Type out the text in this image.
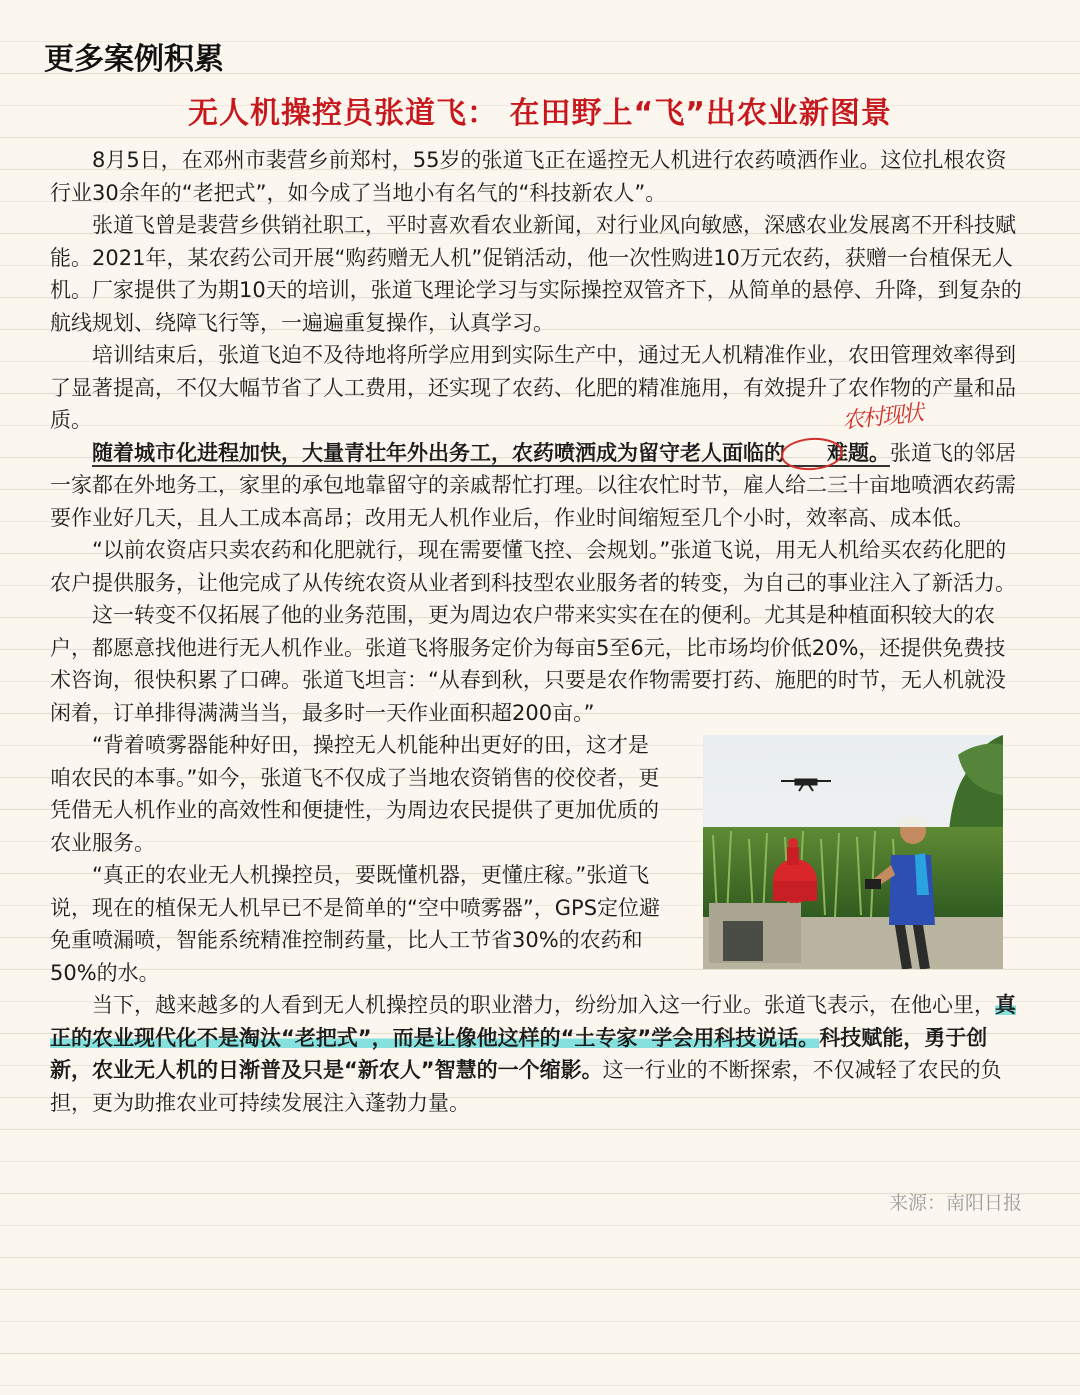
更多案例积累
无人机操控员张道飞： 在田野上“飞”出农业新图景
农村现状

8月5日，在邓州市裴营乡前郑村，55岁的张道飞正在遥控无人机进行农药喷洒作业。这位扎根农资行业30余年的“老把式”，如今成了当地小有名气的“科技新农人”。

张道飞曾是裴营乡供销社职工，平时喜欢看农业新闻，对行业风向敏感，深感农业发展离不开科技赋能。2021年，某农药公司开展“购药赠无人机”促销活动，他一次性购进10万元农药，获赠一台植保无人机。厂家提供了为期10天的培训，张道飞理论学习与实际操控双管齐下，从简单的悬停、升降，到复杂的航线规划、绕障飞行等，一遍遍重复操作，认真学习。

培训结束后，张道飞迫不及待地将所学应用到实际生产中，通过无人机精准作业，农田管理效率得到了显著提高，不仅大幅节省了人工费用，还实现了农药、化肥的精准施用，有效提升了农作物的产量和品质。

随着城市化进程加快，大量青壮年外出务工，农药喷洒成为留守老人面临的 难题。张道飞的邻居一家都在外地务工，家里的承包地靠留守的亲戚帮忙打理。以往农忙时节，雇人给二三十亩地喷洒农药需要作业好几天，且人工成本高昂；改用无人机作业后，作业时间缩短至几个小时，效率高、成本低。

“以前农资店只卖农药和化肥就行，现在需要懂飞控、会规划。”张道飞说，用无人机给买农药化肥的农户提供服务，让他完成了从传统农资从业者到科技型农业服务者的转变，为自己的事业注入了新活力。

这一转变不仅拓展了他的业务范围，更为周边农户带来实实在在的便利。尤其是种植面积较大的农户，都愿意找他进行无人机作业。张道飞将服务定价为每亩5至6元，比市场均价低20%，还提供免费技术咨询，很快积累了口碑。张道飞坦言：“从春到秋，只要是农作物需要打药、施肥的时节，无人机就没闲着，订单排得满满当当，最多时一天作业面积超200亩。”

“背着喷雾器能种好田，操控无人机能种出更好的田，这才是咱农民的本事。”如今，张道飞不仅成了当地农资销售的佼佼者，更凭借无人机作业的高效性和便捷性，为周边农民提供了更加优质的农业服务。

“真正的农业无人机操控员，要既懂机器，更懂庄稼。”张道飞说，现在的植保无人机早已不是简单的“空中喷雾器”，GPS定位避免重喷漏喷，智能系统精准控制药量，比人工节省30%的农药和50%的水。

当下，越来越多的人看到无人机操控员的职业潜力，纷纷加入这一行业。张道飞表示，在他心里，真正的农业现代化不是淘汰“老把式”，而是让像他这样的“土专家”学会用科技说话。科技赋能，勇于创新，农业无人机的日渐普及只是“新农人”智慧的一个缩影。这一行业的不断探索，不仅减轻了农民的负担，更为助推农业可持续发展注入蓬勃力量。

来源：南阳日报
